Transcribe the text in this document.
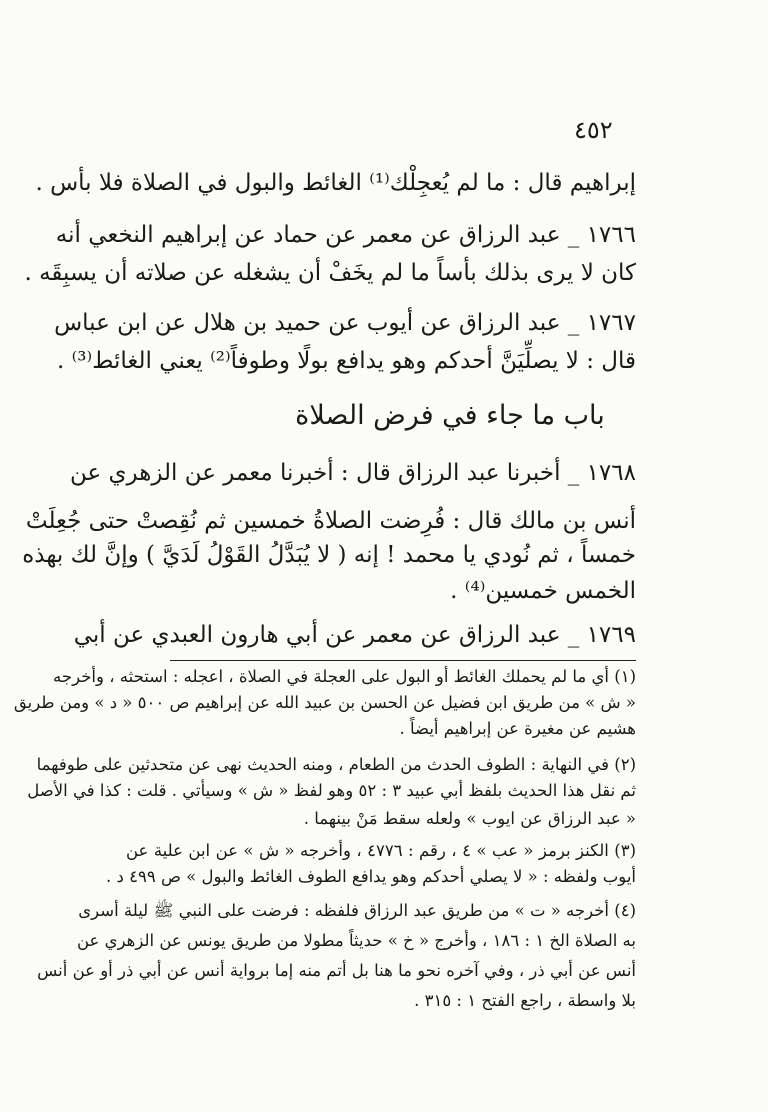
٤٥٢
إبراهيم قال : ما لم يُعجِلْك⁽¹⁾ الغائط والبول في الصلاة فلا بأس .
١٧٦٦ _ عبد الرزاق عن معمر عن حماد عن إبراهيم النخعي أنه
كان لا يرى بذلك بأساً ما لم يخَفْ أن يشغله عن صلاته أن يسبِقَه .
١٧٦٧ _ عبد الرزاق عن أيوب عن حميد بن هلال عن ابن عباس
قال : لا يصلِّيَنَّ أحدكم وهو يدافع بولًا وطوفاً⁽²⁾ يعني الغائط⁽³⁾ .
باب ما جاء في فرض الصلاة
١٧٦٨ _ أخبرنا عبد الرزاق قال : أخبرنا معمر عن الزهري عن
أنس بن مالك قال : فُرِضت الصلاةُ خمسين ثم نُقِصتْ حتى جُعِلَتْ
خمساً ، ثم نُودي يا محمد ! إنه ( لا يُبَدَّلُ القَوْلُ لَدَيَّ ) وإنَّ لك بهذه
الخمس خمسين⁽⁴⁾ .
١٧٦٩ _ عبد الرزاق عن معمر عن أبي هارون العبدي عن أبي
(١) أي ما لم يحملك الغائط أو البول على العجلة في الصلاة ، اعجله : استحثه ، وأخرجه
« ش » من طريق ابن فضيل عن الحسن بن عبيد الله عن إبراهيم ص ٥٠٠ « د » ومن طريق
هشيم عن مغيرة عن إبراهيم أيضاً .
(٢) في النهاية : الطوف الحدث من الطعام ، ومنه الحديث نهى عن متحدثين على طوفهما
ثم نقل هذا الحديث بلفظ أبي عبيد ٣ : ٥٢ وهو لفظ « ش » وسيأتي . قلت : كذا في الأصل
« عبد الرزاق عن ايوب » ولعله سقط مَنْ بينهما .
(٣) الكنز برمز « عب » ٤ ، رقم : ٤٧٧٦ ، وأخرجه « ش » عن ابن علية عن
أيوب ولفظه : « لا يصلي أحدكم وهو يدافع الطوف الغائط والبول » ص ٤٩٩ د .
(٤) أخرجه « ت » من طريق عبد الرزاق فلفظه : فرضت على النبي ﷺ ليلة أسرى
به الصلاة الخ ١ : ١٨٦ ، وأخرج « خ » حديثاً مطولا من طريق يونس عن الزهري عن
أنس عن أبي ذر ، وفي آخره نحو ما هنا بل أتم منه إما برواية أنس عن أبي ذر أو عن أنس
بلا واسطة ، راجع الفتح ١ : ٣١٥ .
